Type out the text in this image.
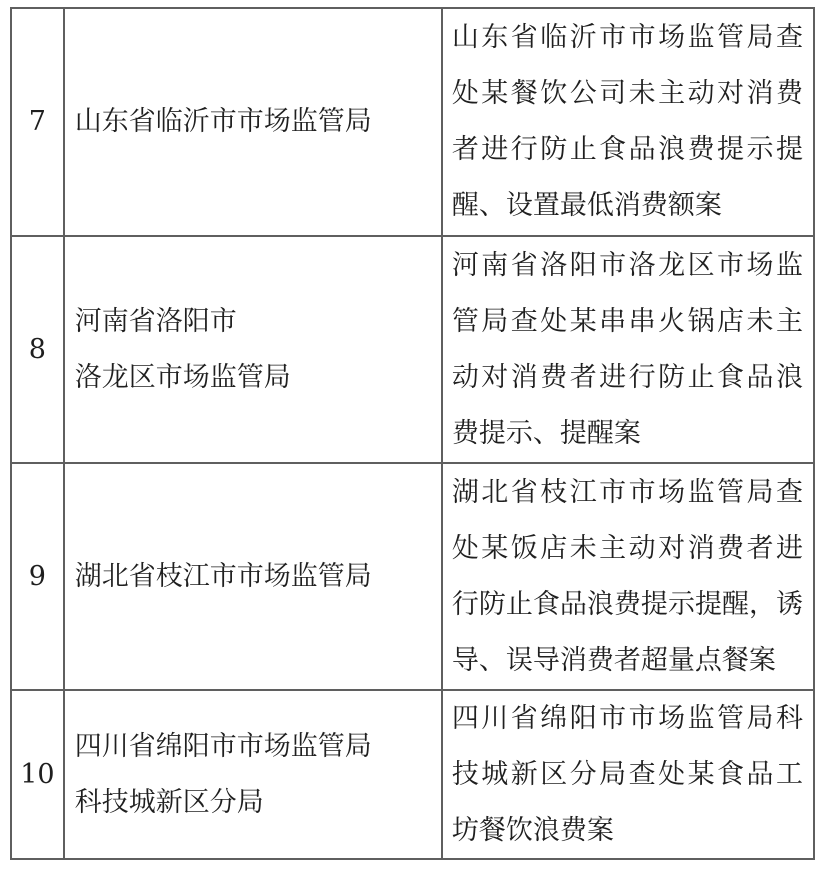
7 山东省临沂市市场监管局
山东省临沂市市场监管局查
处某餐饮公司未主动对消费
者进行防止食品浪费提示提
醒、设置最低消费额案
8
河南省洛阳市
洛龙区市场监管局
河南省洛阳市洛龙区市场监
管局查处某串串火锅店未主
动对消费者进行防止食品浪
费提示、提醒案
9 湖北省枝江市市场监管局
湖北省枝江市市场监管局查
处某饭店未主动对消费者进
行防止食品浪费提示提醒，诱
导、误导消费者超量点餐案
10
四川省绵阳市市场监管局
科技城新区分局
四川省绵阳市市场监管局科
技城新区分局查处某食品工
坊餐饮浪费案
